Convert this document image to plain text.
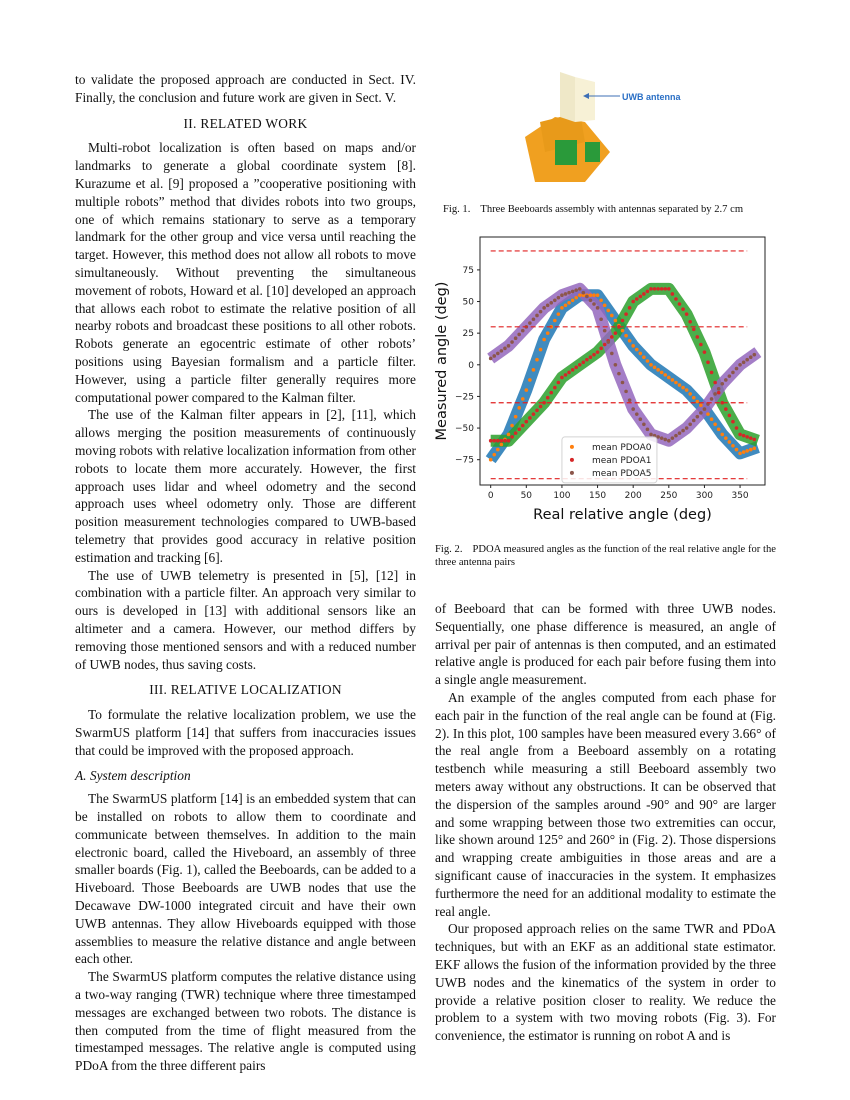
to validate the proposed approach are conducted in Sect. IV. Finally, the conclusion and future work are given in Sect. V.

II. RELATED WORK

Multi-robot localization is often based on maps and/or landmarks to generate a global coordinate system [8]. Kurazume et al. [9] proposed a ”cooperative positioning with multiple robots” method that divides robots into two groups, one of which remains stationary to serve as a temporary landmark for the other group and vice versa until reaching the target. However, this method does not allow all robots to move simultaneously. Without preventing the simultaneous movement of robots, Howard et al. [10] developed an approach that allows each robot to estimate the relative position of all nearby robots and broadcast these positions to all other robots. Robots generate an egocentric estimate of other robots’ positions using Bayesian formalism and a particle filter. However, using a particle filter generally requires more computational power compared to the Kalman filter.

The use of the Kalman filter appears in [2], [11], which allows merging the position measurements of continuously moving robots with relative localization information from other robots to locate them more accurately. However, the first approach uses lidar and wheel odometry and the second approach uses wheel odometry only. Those are different position measurement technologies compared to UWB-based telemetry that provides good accuracy in relative position estimation and tracking [6].

The use of UWB telemetry is presented in [5], [12] in combination with a particle filter. An approach very similar to ours is developed in [13] with additional sensors like an altimeter and a camera. However, our method differs by removing those mentioned sensors and with a reduced number of UWB nodes, thus saving costs.

III. RELATIVE LOCALIZATION

To formulate the relative localization problem, we use the SwarmUS platform [14] that suffers from inaccuracies issues that could be improved with the proposed approach.

A. System description

The SwarmUS platform [14] is an embedded system that can be installed on robots to allow them to coordinate and communicate between themselves. In addition to the main electronic board, called the Hiveboard, an assembly of three smaller boards (Fig. 1), called the Beeboards, can be added to a Hiveboard. Those Beeboards are UWB nodes that use the Decawave DW-1000 integrated circuit and have their own UWB antennas. They allow Hiveboards equipped with those assemblies to measure the relative distance and angle between each other.

The SwarmUS platform computes the relative distance using a two-way ranging (TWR) technique where three timestamped messages are exchanged between two robots. The distance is then computed from the time of flight measured from the timestamped messages. The relative angle is computed using PDoA from the three different pairs

UWB antenna
Fig. 1. Three Beeboards assembly with antennas separated by 2.7 cm
0	50 100 150 200 250 300 350
−75
−50
−25
0
25
50
75
Real relative angle (deg)
Measured angle (deg)
mean PDOA0
mean PDOA1
mean PDOA5
Fig. 2. PDOA measured angles as the function of the real relative angle for the three antenna pairs

of Beeboard that can be formed with three UWB nodes. Sequentially, one phase difference is measured, an angle of arrival per pair of antennas is then computed, and an estimated relative angle is produced for each pair before fusing them into a single angle measurement.

An example of the angles computed from each phase for each pair in the function of the real angle can be found at (Fig. 2). In this plot, 100 samples have been measured every 3.66° of the real angle from a Beeboard assembly on a rotating testbench while measuring a still Beeboard assembly two meters away without any obstructions. It can be observed that the dispersion of the samples around -90° and 90° are larger and some wrapping between those two extremities can occur, like shown around 125° and 260° in (Fig. 2). Those dispersions and wrapping create ambiguities in those areas and are a significant cause of inaccuracies in the system. It emphasizes furthermore the need for an additional modality to estimate the real angle.

Our proposed approach relies on the same TWR and PDoA techniques, but with an EKF as an additional state estimator. EKF allows the fusion of the information provided by the three UWB nodes and the kinematics of the system in order to provide a relative position closer to reality. We reduce the problem to a system with two moving robots (Fig. 3). For convenience, the estimator is running on robot A and is
